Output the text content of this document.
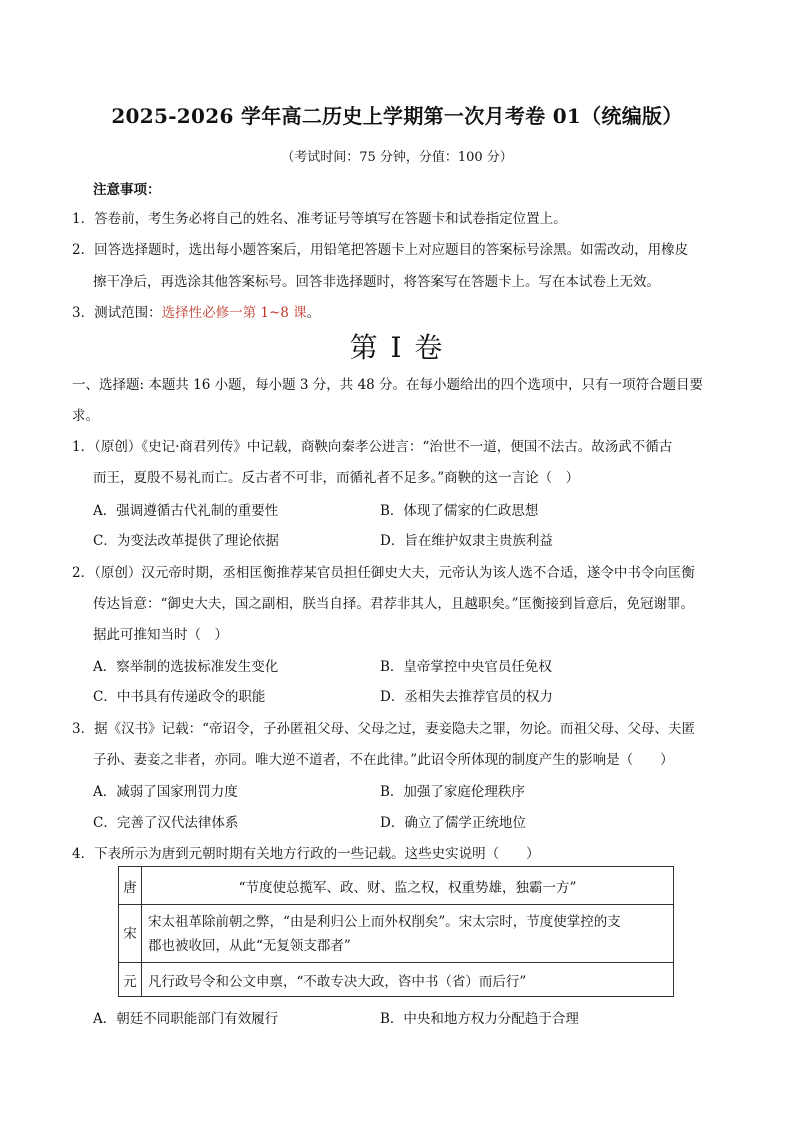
2025-2026 学年高二历史上学期第一次月考卷 01（统编版）
（考试时间：75 分钟，分值：100 分）
注意事项：
1．答卷前，考生务必将自己的姓名、准考证号等填写在答题卡和试卷指定位置上。
2．回答选择题时，选出每小题答案后，用铅笔把答题卡上对应题目的答案标号涂黑。如需改动，用橡皮
擦干净后，再选涂其他答案标号。回答非选择题时，将答案写在答题卡上。写在本试卷上无效。
3．测试范围：选择性必修一第 1~8 课。
第 I 卷
一、选择题: 本题共 16 小题，每小题 3 分，共 48 分。在每小题给出的四个选项中，只有一项符合题目要
求。
1．（原创）《史记·商君列传》中记载，商鞅向秦孝公进言：“治世不一道，便国不法古。故汤武不循古
而王，夏殷不易礼而亡。反古者不可非，而循礼者不足多。”商鞅的这一言论（　）
A．强调遵循古代礼制的重要性	B．体现了儒家的仁政思想
C．为变法改革提供了理论依据	D．旨在维护奴隶主贵族利益
2．（原创）汉元帝时期，丞相匡衡推荐某官员担任御史大夫，元帝认为该人选不合适，遂令中书令向匡衡
传达旨意：“御史大夫，国之副相，朕当自择。君荐非其人，且越职矣。”匡衡接到旨意后，免冠谢罪。
据此可推知当时（　）
A．察举制的选拔标准发生变化	B．皇帝掌控中央官员任免权
C．中书具有传递政令的职能	D．丞相失去推荐官员的权力
3．据《汉书》记载：“帝诏令，子孙匿祖父母、父母之过，妻妾隐夫之罪，勿论。而祖父母、父母、夫匿
子孙、妻妾之非者，亦同。唯大逆不道者，不在此律。”此诏令所体现的制度产生的影响是（　　）
A．减弱了国家刑罚力度	B．加强了家庭伦理秩序
C．完善了汉代法律体系	D．确立了儒学正统地位
4．下表所示为唐到元朝时期有关地方行政的一些记载。这些史实说明（　　）
唐	“节度使总揽军、政、财、监之权，权重势雄，独霸一方”
宋	宋太祖革除前朝之弊，“由是利归公上而外权削矣”。宋太宗时，节度使掌控的支
郡也被收回，从此“无复领支郡者”

元	凡行政号令和公文申禀，“不敢专决大政，咨中书（省）而后行”
A．朝廷不同职能部门有效履行	B．中央和地方权力分配趋于合理
